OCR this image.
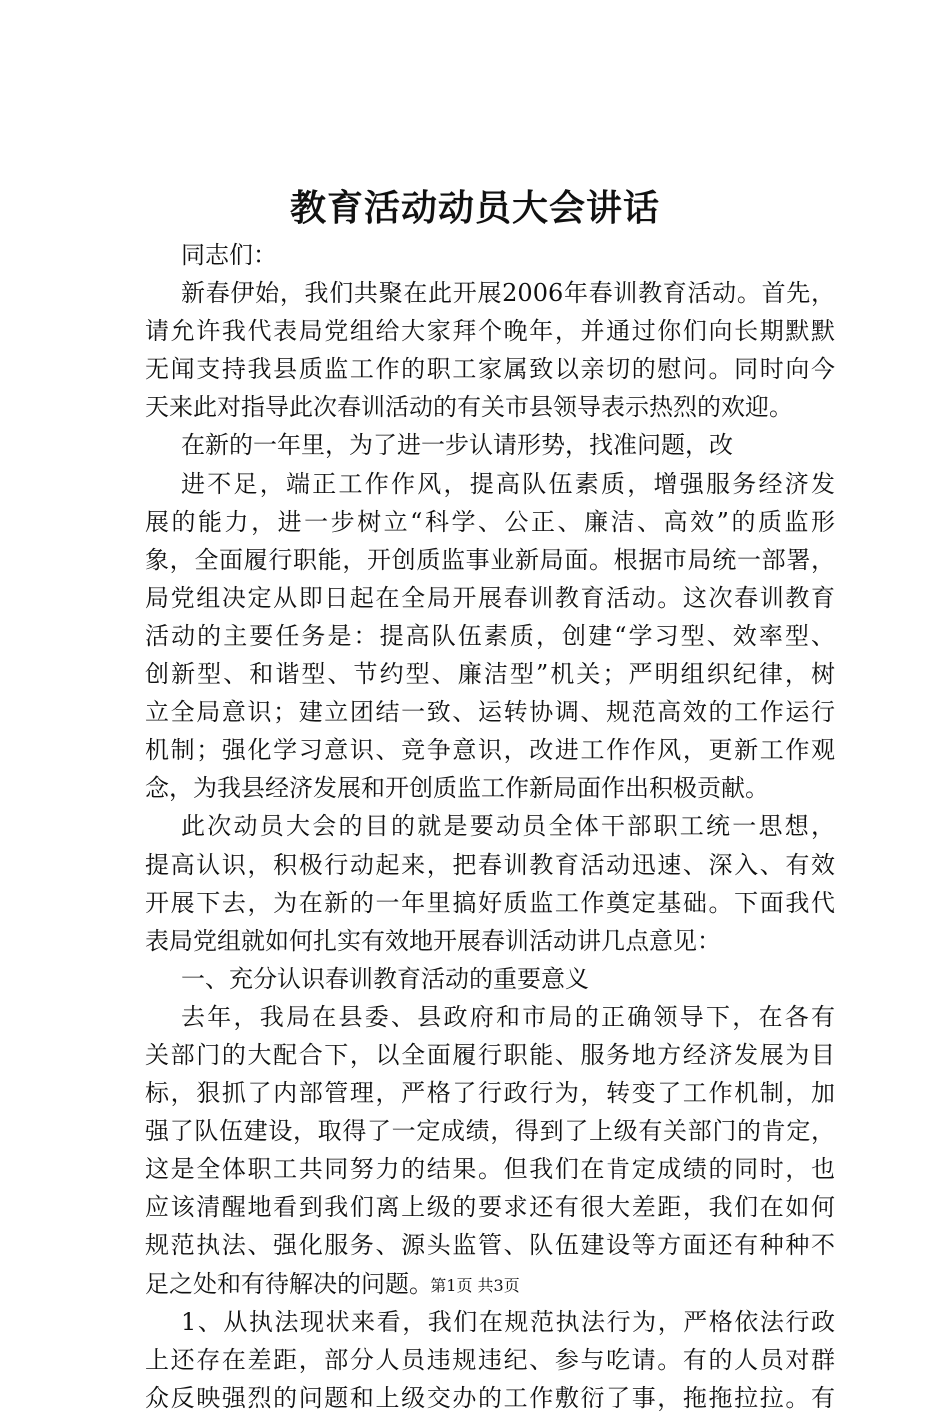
教育活动动员大会讲话
同志们：
新春伊始，我们共聚在此开展2006年春训教育活动。首先，
请允许我代表局党组给大家拜个晚年，并通过你们向长期默默
无闻支持我县质监工作的职工家属致以亲切的慰问。同时向今
天来此对指导此次春训活动的有关市县领导表示热烈的欢迎。
在新的一年里，为了进一步认请形势，找准问题，改
进不足，端正工作作风，提高队伍素质，增强服务经济发
展的能力，进一步树立“科学、公正、廉洁、高效”的质监形
象，全面履行职能，开创质监事业新局面。根据市局统一部署，
局党组决定从即日起在全局开展春训教育活动。这次春训教育
活动的主要任务是：提高队伍素质，创建“学习型、效率型、
创新型、和谐型、节约型、廉洁型”机关；严明组织纪律，树
立全局意识；建立团结一致、运转协调、规范高效的工作运行
机制；强化学习意识、竞争意识，改进工作作风，更新工作观
念，为我县经济发展和开创质监工作新局面作出积极贡献。
此次动员大会的目的就是要动员全体干部职工统一思想，
提高认识，积极行动起来，把春训教育活动迅速、深入、有效
开展下去，为在新的一年里搞好质监工作奠定基础。下面我代
表局党组就如何扎实有效地开展春训活动讲几点意见：
一、充分认识春训教育活动的重要意义
去年，我局在县委、县政府和市局的正确领导下，在各有
关部门的大配合下，以全面履行职能、服务地方经济发展为目
标，狠抓了内部管理，严格了行政行为，转变了工作机制，加
强了队伍建设，取得了一定成绩，得到了上级有关部门的肯定，
这是全体职工共同努力的结果。但我们在肯定成绩的同时，也
应该清醒地看到我们离上级的要求还有很大差距，我们在如何
规范执法、强化服务、源头监管、队伍建设等方面还有种种不
足之处和有待解决的问题。
1、从执法现状来看，我们在规范执法行为，严格依法行政
上还存在差距，部分人员违规违纪、参与吃请。有的人员对群
众反映强烈的问题和上级交办的工作敷衍了事，拖拖拉拉。有
第1页 共3页
